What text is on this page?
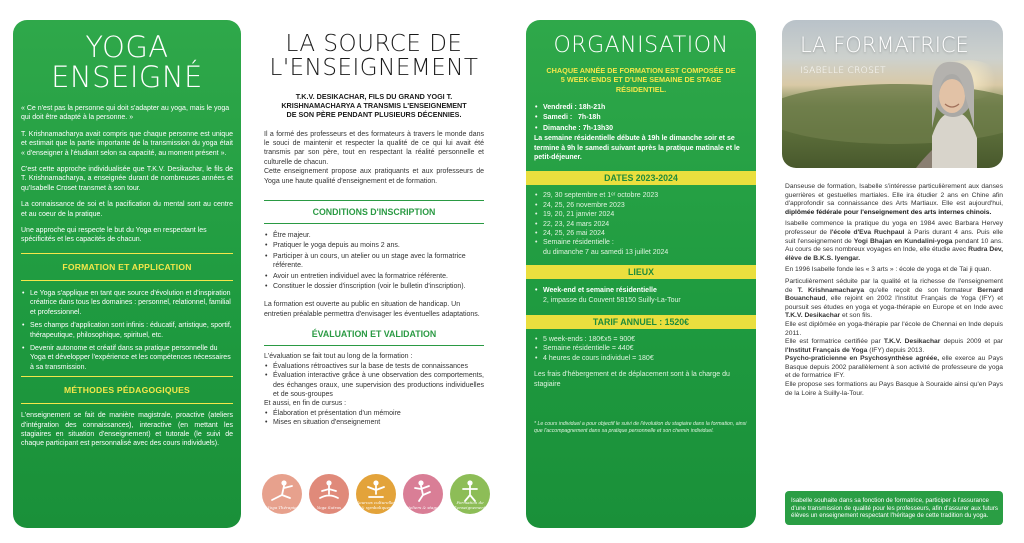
YOGA
ENSEIGNÉ

« Ce n'est pas la personne qui doit s'adapter au yoga, mais le yoga qui doit être adapté à la personne. »

T. Krishnamacharya avait compris que chaque personne est unique et estimait que la partie importante de la transmission du yoga était « d'enseigner à l'étudiant selon sa capacité, au moment présent ».

C'est cette approche individualisée que T.K.V. Desikachar, le fils de T. Krishnamacharya, a enseignée durant de nombreuses années et qu'Isabelle Croset transmet à son tour.

La connaissance de soi et la pacification du mental sont au centre et au coeur de la pratique.

Une approche qui respecte le but du Yoga en respectant les spécificités et les capacités de chacun.

FORMATION ET APPLICATION
• Le Yoga s'applique en tant que source d'évolution et d'inspiration créatrice dans tous les domaines : personnel, relationnel, familial et professionnel.
• Ses champs d'application sont infinis : éducatif, artistique, sportif, thérapeutique, philosophique, spirituel, etc.
• Devenir autonome et créatif dans sa pratique personnelle du Yoga et développer l'expérience et les compétences nécessaires à sa transmission.
MÉTHODES PÉDAGOGIQUES
L'enseignement se fait de manière magistrale, proactive (ateliers d'intégration des connaissances), interactive (en mettant les stagiaires en situation d'enseignement) et tutorale (le suivi de chaque participant est personnalisé avec des cours individuels).
LA SOURCE DE
L'ENSEIGNEMENT

T.K.V. DESIKACHAR, FILS DU GRAND YOGI T. KRISHNAMACHARYA A TRANSMIS L'ENSEIGNEMENT DE SON PÈRE PENDANT PLUSIEURS DÉCENNIES.

Il a formé des professeurs et des formateurs à travers le monde dans le souci de maintenir et respecter la qualité de ce qui lui avait été transmis par son père, tout en respectant la réalité personnelle et culturelle de chacun.

Cette enseignement propose aux pratiquants et aux professeurs de Yoga une haute qualité d'enseignement et de formation.

CONDITIONS D'INSCRIPTION
• Être majeur.
• Pratiquer le yoga depuis au moins 2 ans.
• Participer à un cours, un atelier ou un stage avec la formatrice référente.
• Avoir un entretien individuel avec la formatrice référente.
• Constituer le dossier d'inscription (voir le bulletin d'inscription).

La formation est ouverte au public en situation de handicap. Un entretien préalable permettra d'envisager les éventuelles adaptations.

ÉVALUATION ET VALIDATION

L'évaluation se fait tout au long de la formation :

• Évaluations rétroactives sur la base de tests de connaissances
• Évaluation interactive grâce à une observation des comportements, des échanges oraux, une supervision des productions individuelles et de sous-groupes

Et aussi, en fin de cursus :

• Élaboration et présentation d'un mémoire
• Mises en situation d'enseignement
Yoga Thérapie	Yoga Sutras
Sources culturelles & symboliques	Ateliers & stages
Formation de l'enseignement
ORGANISATION

CHAQUE ANNÉE DE FORMATION EST COMPOSÉE DE 5 WEEK-ENDS ET D'UNE SEMAINE DE STAGE RÉSIDENTIEL.

• Vendredi : 18h-21h
• Samedi : 7h-18h
• Dimanche : 7h-13h30

La semaine résidentielle débute à 19h le dimanche soir et se termine à 9h le samedi suivant après la pratique matinale et le petit-déjeuner.

DATES 2023-2024
• 29, 30 septembre et 1ᵉʳ octobre 2023
• 24, 25, 26 novembre 2023
• 19, 20, 21 janvier 2024
• 22, 23, 24 mars 2024
• 24, 25, 26 mai 2024
• Semaine résidentielle :

du dimanche 7 au samedi 13 juillet 2024

LIEUX
• Week-end et semaine résidentielle

2, impasse du Couvent 58150 Suilly-La-Tour

TARIF ANNUEL : 1520€
• 5 week-ends : 180€x5 = 900€
• Semaine résidentielle = 440€
• 4 heures de cours individuel = 180€

Les frais d'hébergement et de déplacement sont à la charge du stagiaire

* Le cours individuel a pour objectif le suivi de l'évolution du stagiaire dans la formation, ainsi que l'accompagnement dans sa pratique personnelle et son chemin individuel.

LA FORMATRICE
ISABELLE CROSET

Danseuse de formation, Isabelle s'intéresse particulièrement aux danses guerrières et gestuelles martiales. Elle ira étudier 2 ans en Chine afin d'approfondir sa connaissance des Arts Martiaux. Elle est aujourd'hui, diplômée fédérale pour l'enseignement des arts internes chinois.

Isabelle commence la pratique du yoga en 1984 avec Barbara Hervey professeur de l'école d'Eva Ruchpaul à Paris durant 4 ans. Puis elle suit l'enseignement de Yogi Bhajan en Kundalini-yoga pendant 10 ans. Au cours de ses nombreux voyages en Inde, elle étudie avec Rudra Dev, élève de B.K.S. Iyengar.

En 1996 Isabelle fonde les « 3 arts » : école de yoga et de Tai ji quan.

Particulièrement séduite par la qualité et la richesse de l'enseignement de T. Krishnamacharya qu'elle reçoit de son formateur Bernard Bouanchaud, elle rejoint en 2002 l'Institut Français de Yoga (IFY) et poursuit ses études en yoga et yoga-thérapie en Europe et en Inde avec T.K.V. Desikachar et son fils.

Elle est diplômée en yoga-thérapie par l'école de Chennai en Inde depuis 2011.

Elle est formatrice certifiée par T.K.V. Desikachar depuis 2009 et par l'Institut Français de Yoga (IFY) depuis 2013.

Psycho-praticienne en Psychosynthèse agréée, elle exerce au Pays Basque depuis 2002 parallèlement à son activité de professeure de yoga et de formatrice IFY.

Elle propose ses formations au Pays Basque à Souraide ainsi qu'en Pays de la Loire à Suilly-la-Tour.

Isabelle souhaite dans sa fonction de formatrice, participer à l'assurance d'une transmission de qualité pour les professeurs, afin d'assurer aux futurs élèves un enseignement respectant l'héritage de cette tradition du yoga.
